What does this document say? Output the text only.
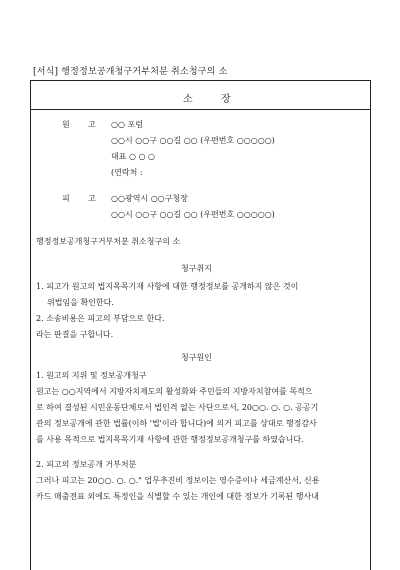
[서식] 행정정보공개청구거부처분 취소청구의 소
소	장
원 고 ○○ 포럼
○○시 ○○구 ○○길 ○○ (우편번호 ○○○○○)
대표 ○ ○ ○
(연락처 :
피 고 ○○광역시 ○○구청장
○○시 ○○구 ○○길 ○○ (우편번호 ○○○○○)
행정정보공개청구거부처분 취소청구의 소
청구취지
1. 피고가 원고의 법지목목기재 사항에 대한 행정정보를 공개하지 않은 것이
위법임을 확인한다.
2. 소송비용은 피고의 부담으로 한다.
라는 판결을 구합니다.
청구원인
1. 원고의 지위 및 정보공개청구
원고는 ○○지역에서 지방자치제도의 활성화와 주민들의 지방자치참여를 목적으
로 하여 결성된 시민운동단체로서 법인격 없는 사단으로서, 20○○. ○. ○. 공공기
관의 정보공개에 관한 법률(이하 '법'이라 합니다)에 의거 피고를 상대로 행정감사
를 사용 목적으로 법지목목기재 사항에 관한 행정정보공개청구를 하였습니다.
2. 피고의 정보공개 거부처분
그러나 피고는 20○○. ○. ○." 업무추진비 정보이는 영수증이나 세금계산서, 신용
카드 매출전표 외에도 특정인을 식별할 수 있는 개인에 대한 정보가 기록된 행사내
